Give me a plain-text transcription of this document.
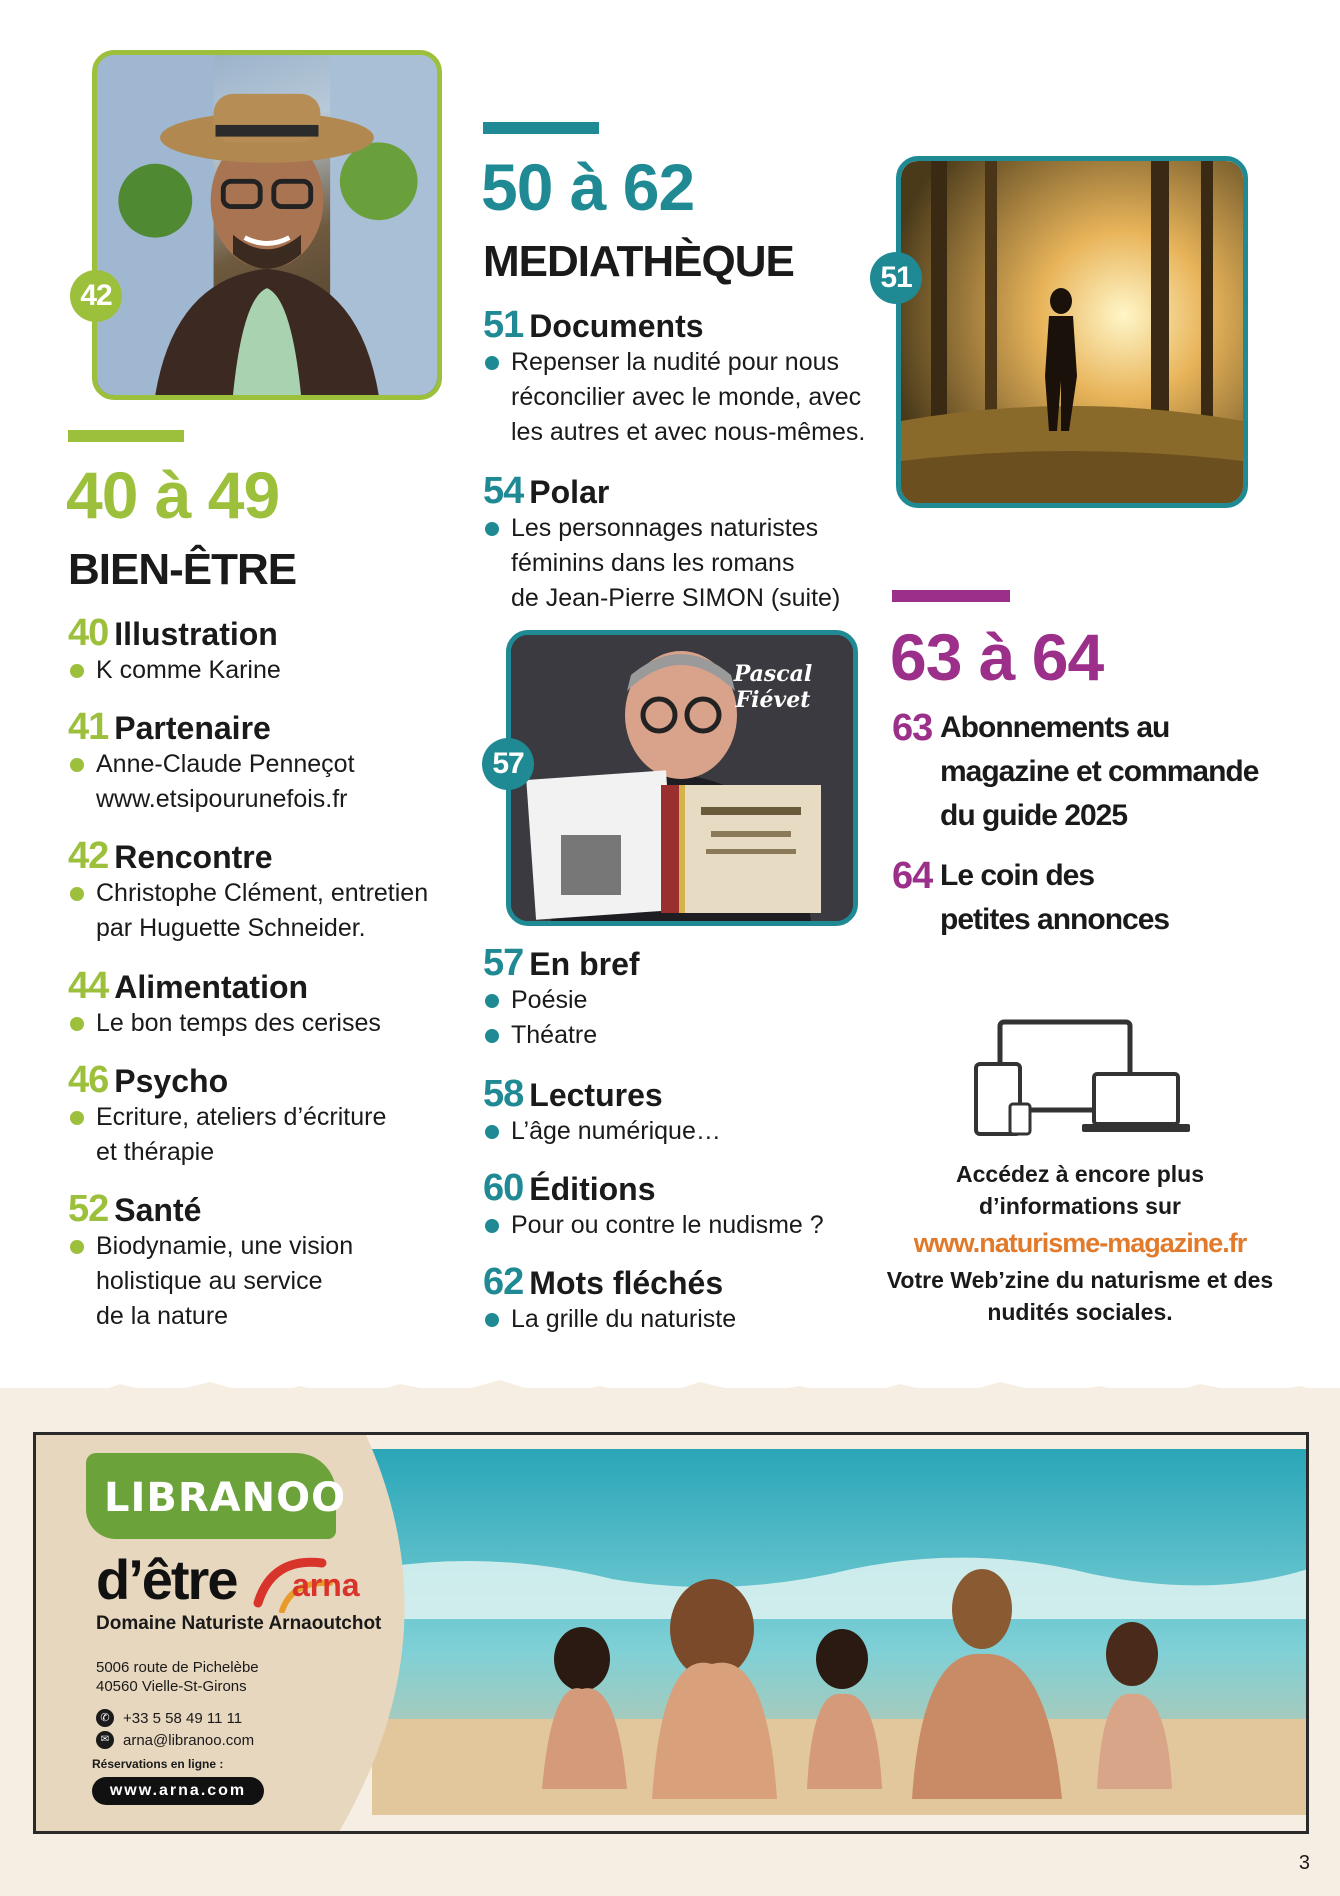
42
40 à 49
BIEN-ÊTRE
40 Illustration
K comme Karine
41 Partenaire
Anne-Claude Penneçot
www.etsipourunefois.fr
42 Rencontre
Christophe Clément, entretien
par Huguette Schneider.
44 Alimentation
Le bon temps des cerises
46 Psycho
Ecriture, ateliers d’écriture
et thérapie
52 Santé
Biodynamie, une vision
holistique au service
de la nature
50 à 62
MEDIATHÈQUE
51 Documents
Repenser la nudité pour nous
réconcilier avec le monde, avec
les autres et avec nous-mêmes.
54 Polar
Les personnages naturistes
féminins dans les romans
de Jean-Pierre SIMON (suite)
Pascal
Fiévet
57
57 En bref
Poésie
Théatre
58 Lectures
L’âge numérique…
60 Éditions
Pour ou contre le nudisme ?
62 Mots fléchés
La grille du naturiste
51
63 à 64
63 Abonnements au
magazine et commande
du guide 2025
64 Le coin des
petites annonces
Accédez à encore plus
d’informations sur
www.naturisme-magazine.fr
Votre Web’zine du naturisme et des
nudités sociales.
LIBRANOO
d’être arna
Domaine Naturiste Arnaoutchot
5006 route de Pichelèbe
40560 Vielle-St-Girons
✆ +33 5 58 49 11 11
✉ arna@libranoo.com
Réservations en ligne :
www.arna.com
3
